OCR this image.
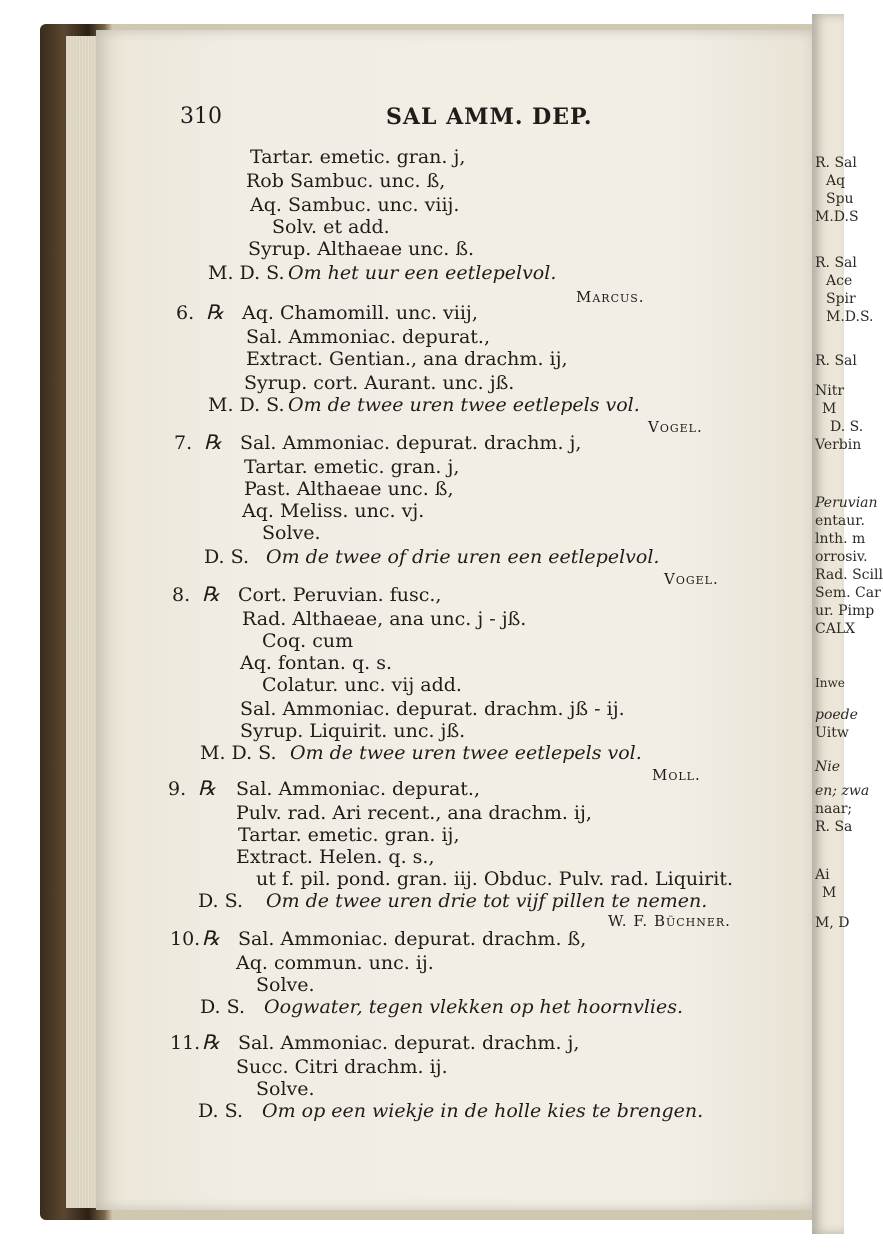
R. Sal
Aq
Spu
M.D.S
R. Sal
Ace
Spir
M.D.S.
R. Sal
Nitr
M
D. S.
Verbin
Peruvian
entaur.
lnth. m
orrosiv.
Rad. Scill
Sem. Car
ur. Pimp
CALX
Inwe
poede
Uitw
Nie
en; zwa
naar;
R. Sa
Ai
M
M, D
310	SAL AMM. DEP.
Tartar. emetic. gran. j,
Rob Sambuc. unc. ß,
Aq. Sambuc. unc. viij.
Solv. et add.
Syrup. Althaeae unc. ß.
M. D. S. Om het uur een eetlepelvol.
Marcus.
6. ℞ Aq. Chamomill. unc. viij,
Sal. Ammoniac. depurat.,
Extract. Gentian., ana drachm. ij,
Syrup. cort. Aurant. unc. jß.
M. D. S. Om de twee uren twee eetlepels vol.
Vogel.
7. ℞ Sal. Ammoniac. depurat. drachm. j,
Tartar. emetic. gran. j,
Past. Althaeae unc. ß,
Aq. Meliss. unc. vj.
Solve.
D. S. Om de twee of drie uren een eetlepelvol.
Vogel.
8. ℞ Cort. Peruvian. fusc.,
Rad. Althaeae, ana unc. j - jß.
Coq. cum
Aq. fontan. q. s.
Colatur. unc. vij add.
Sal. Ammoniac. depurat. drachm. jß - ij.
Syrup. Liquirit. unc. jß.
M. D. S. Om de twee uren twee eetlepels vol.
Moll.
9. ℞ Sal. Ammoniac. depurat.,
Pulv. rad. Ari recent., ana drachm. ij,
Tartar. emetic. gran. ij,
Extract. Helen. q. s.,
ut f. pil. pond. gran. iij. Obduc. Pulv. rad. Liquirit.
D. S. Om de twee uren drie tot vijf pillen te nemen.
W. F. Büchner.
10. ℞ Sal. Ammoniac. depurat. drachm. ß,
Aq. commun. unc. ij.
Solve.
D. S. Oogwater, tegen vlekken op het hoornvlies.
11. ℞ Sal. Ammoniac. depurat. drachm. j,
Succ. Citri drachm. ij.
Solve.
D. S. Om op een wiekje in de holle kies te brengen.
